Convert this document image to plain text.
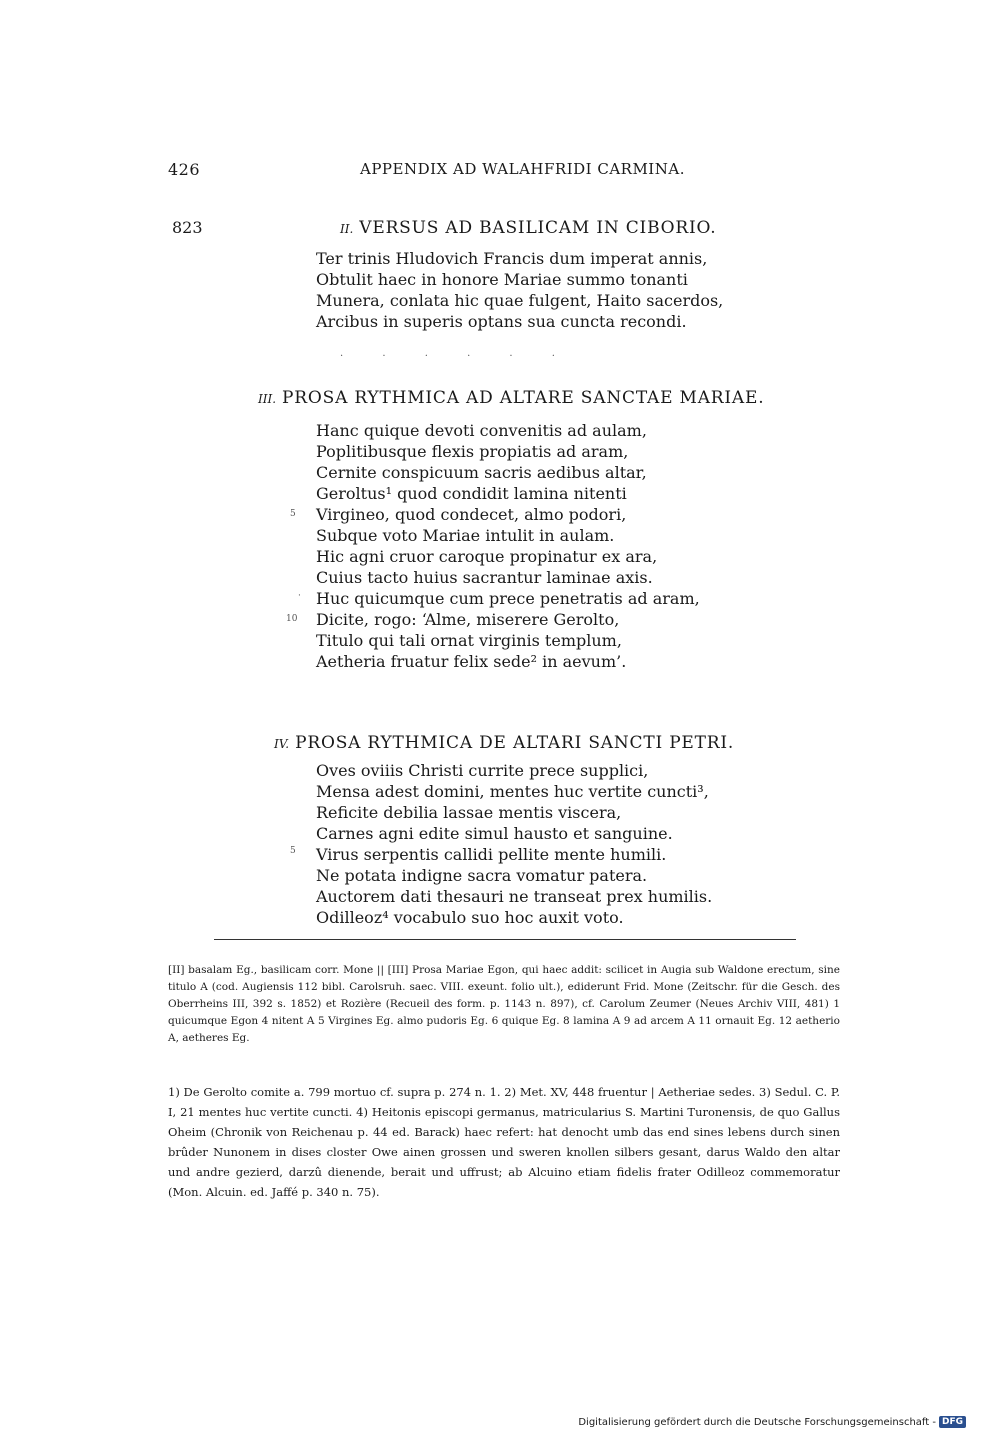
426	APPENDIX AD WALAHFRIDI CARMINA.
823	II. VERSUS AD BASILICAM IN CIBORIO.
Ter trinis Hludovich Francis dum imperat annis,
Obtulit haec in honore Mariae summo tonanti
Munera, conlata hic quae fulgent, Haito sacerdos,
Arcibus in superis optans sua cuncta recondi.
. . . . . .
III. PROSA RYTHMICA AD ALTARE SANCTAE MARIAE.
Hanc quique devoti convenitis ad aulam,
Poplitibusque flexis propiatis ad aram,
Cernite conspicuum sacris aedibus altar,
Geroltus¹ quod condidit lamina nitenti
Virgineo, quod condecet, almo podori,
Subque voto Mariae intulit in aulam.
Hic agni cruor caroque propinatur ex ara,
Cuius tacto huius sacrantur laminae axis.
Huc quicumque cum prece penetratis ad aram,
Dicite, rogo: ‘Alme, miserere Gerolto,
Titulo qui tali ornat virginis templum,
Aetheria fruatur felix sede² in aevum’.
5
·
10
IV. PROSA RYTHMICA DE ALTARI SANCTI PETRI.
Oves oviiis Christi currite prece supplici,
Mensa adest domini, mentes huc vertite cuncti³,
Reficite debilia lassae mentis viscera,
Carnes agni edite simul hausto et sanguine.
Virus serpentis callidi pellite mente humili.
Ne potata indigne sacra vomatur patera.
Auctorem dati thesauri ne transeat prex humilis.
Odilleoz⁴ vocabulo suo hoc auxit voto.
5
[II] basalam Eg., basilicam corr. Mone || [III] Prosa Mariae Egon, qui haec addit: scilicet in Augia sub Waldone erectum, sine titulo A (cod. Augiensis 112 bibl. Carolsruh. saec. VIII. exeunt. folio ult.), ediderunt Frid. Mone (Zeitschr. für die Gesch. des Oberrheins III, 392 s. 1852) et Rozière (Recueil des form. p. 1143 n. 897), cf. Carolum Zeumer (Neues Archiv VIII, 481) 1 quicumque Egon 4 nitent A 5 Virgines Eg. almo pudoris Eg. 6 quique Eg. 8 lamina A 9 ad arcem A 11 ornauit Eg. 12 aetherio A, aetheres Eg.
1) De Gerolto comite a. 799 mortuo cf. supra p. 274 n. 1. 2) Met. XV, 448 fruentur | Aetheriae sedes. 3) Sedul. C. P. I, 21 mentes huc vertite cuncti. 4) Heitonis episcopi germanus, matricularius S. Martini Turonensis, de quo Gallus Oheim (Chronik von Reichenau p. 44 ed. Barack) haec refert: hat denocht umb das end sines lebens durch sinen brûder Nunonem in dises closter Owe ainen grossen und sweren knollen silbers gesant, darus Waldo den altar und andre gezierd, darzû dienende, berait und uffrust; ab Alcuino etiam fidelis frater Odilleoz commemoratur (Mon. Alcuin. ed. Jaffé p. 340 n. 75).
Digitalisierung gefördert durch die Deutsche Forschungsgemeinschaft - DFG
